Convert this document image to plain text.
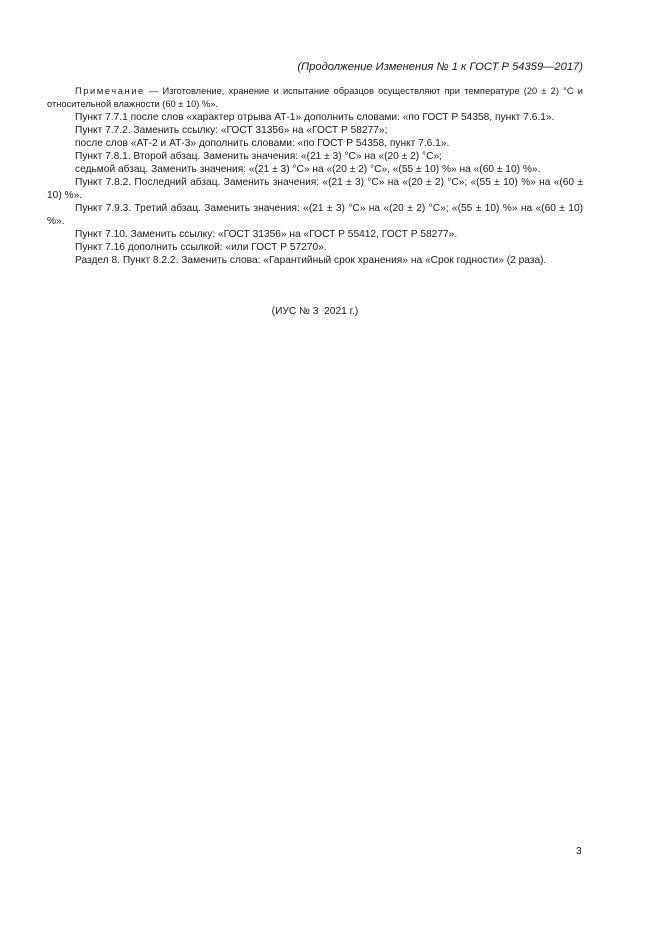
(Продолжение Изменения № 1 к ГОСТ Р 54359—2017)

Примечание — Изготовление, хранение и испытание образцов осуществляют при температуре (20 ± 2) °C и относительной влажности (60 ± 10) %».

Пункт 7.7.1 после слов «характер отрыва АТ-1» дополнить словами: «по ГОСТ Р 54358, пункт 7.6.1».

Пункт 7.7.2. Заменить ссылку: «ГОСТ 31356» на «ГОСТ Р 58277»;

после слов «АТ-2 и АТ-3» дополнить словами: «по ГОСТ Р 54358, пункт 7.6.1».

Пункт 7.8.1. Второй абзац. Заменить значения: «(21 ± 3) °C» на «(20 ± 2) °C»;

седьмой абзац. Заменить значения: «(21 ± 3) °C» на «(20 ± 2) °C», «(55 ± 10) %» на «(60 ± 10) %».

Пункт 7.8.2. Последний абзац. Заменить значения: «(21 ± 3) °C» на «(20 ± 2) °C»; «(55 ± 10) %» на «(60 ± 10) %».

Пункт 7.9.3. Третий абзац. Заменить значения: «(21 ± 3) °C» на «(20 ± 2) °C»; «(55 ± 10) %» на «(60 ± 10) %».

Пункт 7.10. Заменить ссылку: «ГОСТ 31356» на «ГОСТ Р 55412, ГОСТ Р 58277».

Пункт 7.16 дополнить ссылкой: «или ГОСТ Р 57270».

Раздел 8. Пункт 8.2.2. Заменить слова: «Гарантийный срок хранения» на «Срок годности» (2 раза).

(ИУС № 3  2021 г.)
3
